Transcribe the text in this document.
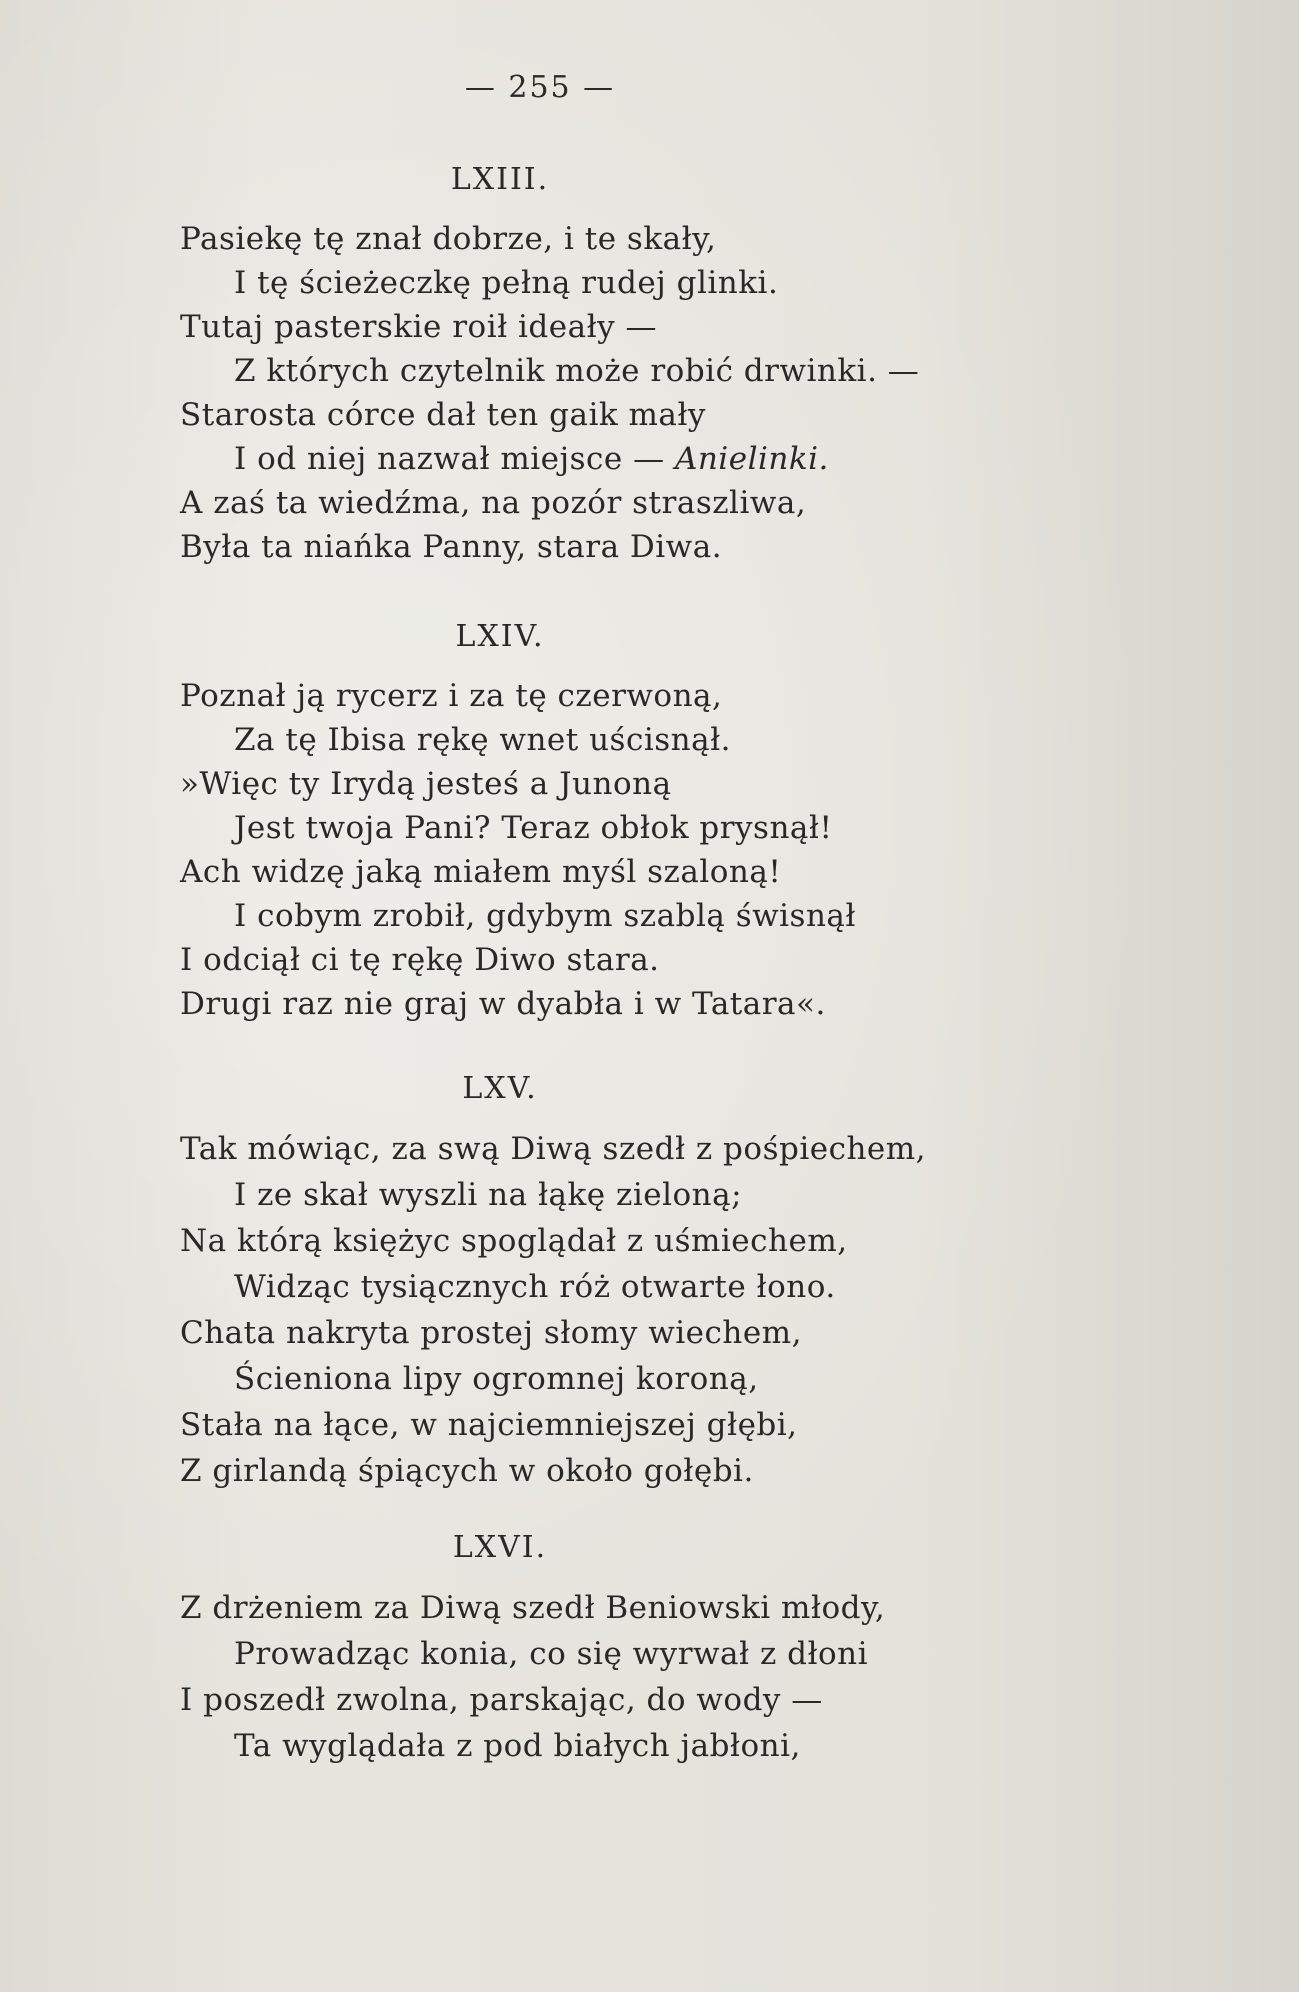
— 255 —
LXIII.
Pasiekę tę znał dobrze, i te skały,
I tę ścieżeczkę pełną rudej glinki.
Tutaj pasterskie roił ideały —
Z których czytelnik może robić drwinki. —
Starosta córce dał ten gaik mały
I od niej nazwał miejsce — Anielinki.
A zaś ta wiedźma, na pozór straszliwa,
Była ta niańka Panny, stara Diwa.
LXIV.
Poznał ją rycerz i za tę czerwoną,
Za tę Ibisa rękę wnet uścisnął.
»Więc ty Irydą jesteś a Junoną
Jest twoja Pani? Teraz obłok prysnął!
Ach widzę jaką miałem myśl szaloną!
I cobym zrobił, gdybym szablą świsnął
I odciął ci tę rękę Diwo stara.
Drugi raz nie graj w dyabła i w Tatara«.
LXV.
Tak mówiąc, za swą Diwą szedł z pośpiechem,
I ze skał wyszli na łąkę zieloną;
Na którą księżyc spoglądał z uśmiechem,
Widząc tysiącznych róż otwarte łono.
Chata nakryta prostej słomy wiechem,
Ścieniona lipy ogromnej koroną,
Stała na łące, w najciemniejszej głębi,
Z girlandą śpiących w około gołębi.
LXVI.
Z drżeniem za Diwą szedł Beniowski młody,
Prowadząc konia, co się wyrwał z dłoni
I poszedł zwolna, parskając, do wody —
Ta wyglądała z pod białych jabłoni,
